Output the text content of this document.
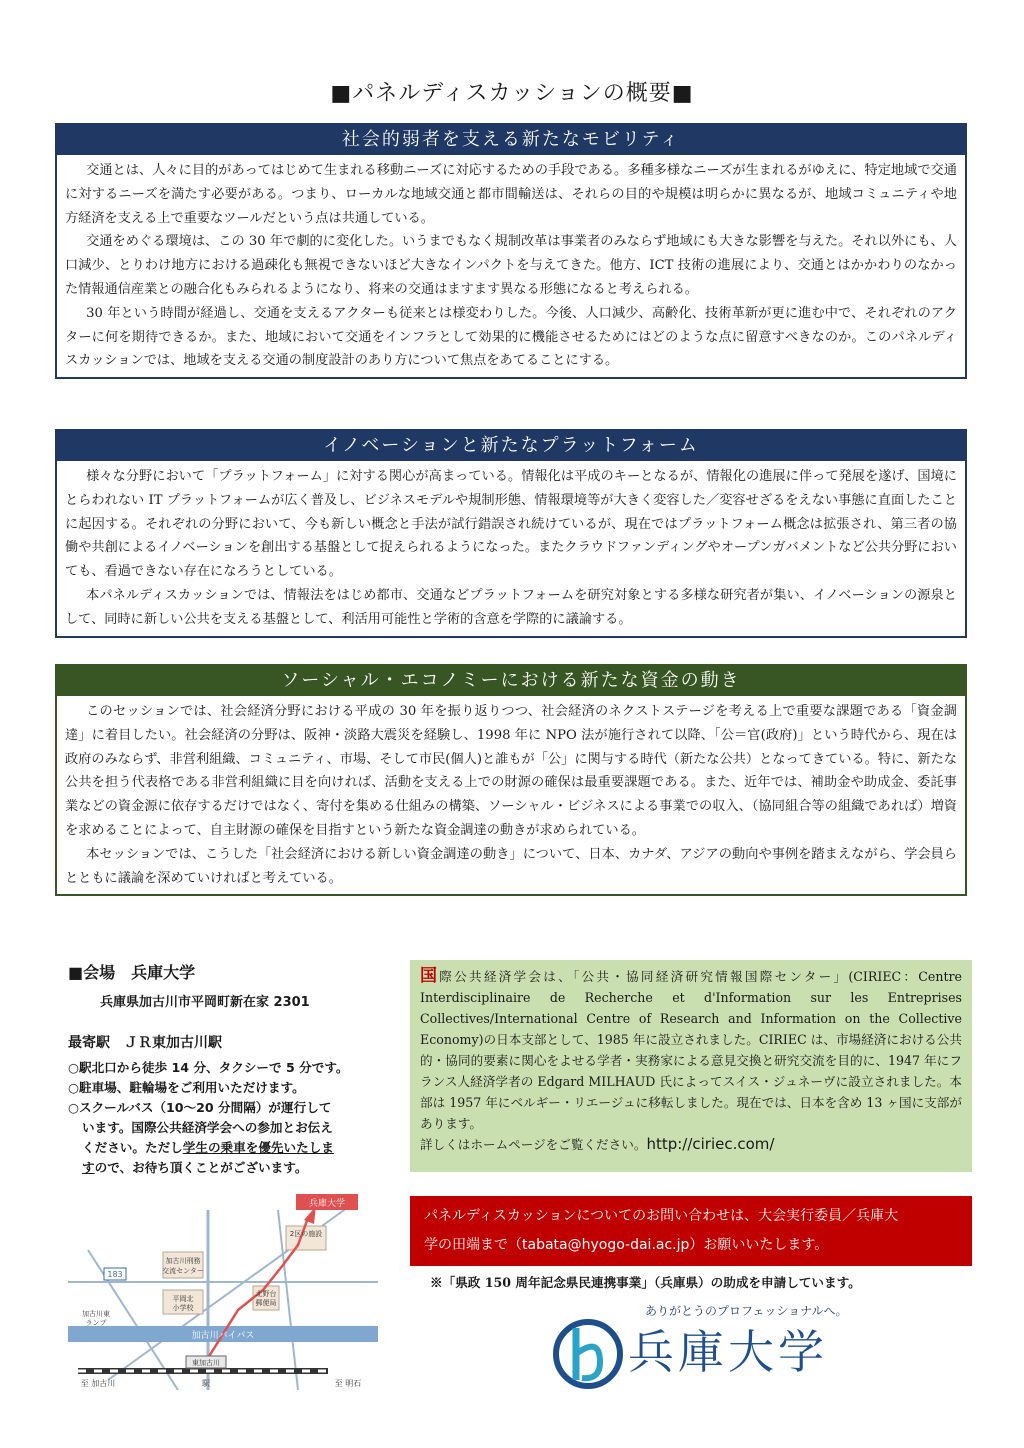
■パネルディスカッションの概要■
社会的弱者を支える新たなモビリティ

交通とは、人々に目的があってはじめて生まれる移動ニーズに対応するための手段である。多種多様なニーズが生まれるがゆえに、特定地域で交通に対するニーズを満たす必要がある。つまり、ローカルな地域交通と都市間輸送は、それらの目的や規模は明らかに異なるが、地域コミュニティや地方経済を支える上で重要なツールだという点は共通している。

交通をめぐる環境は、この 30 年で劇的に変化した。いうまでもなく規制改革は事業者のみならず地域にも大きな影響を与えた。それ以外にも、人口減少、とりわけ地方における過疎化も無視できないほど大きなインパクトを与えてきた。他方、ICT 技術の進展により、交通とはかかわりのなかった情報通信産業との融合化もみられるようになり、将来の交通はますます異なる形態になると考えられる。

30 年という時間が経過し、交通を支えるアクターも従来とは様変わりした。今後、人口減少、高齢化、技術革新が更に進む中で、それぞれのアクターに何を期待できるか。また、地域において交通をインフラとして効果的に機能させるためにはどのような点に留意すべきなのか。このパネルディスカッションでは、地域を支える交通の制度設計のあり方について焦点をあてることにする。

イノベーションと新たなプラットフォーム

様々な分野において「プラットフォーム」に対する関心が高まっている。情報化は平成のキーとなるが、情報化の進展に伴って発展を遂げ、国境にとらわれない IT プラットフォームが広く普及し、ビジネスモデルや規制形態、情報環境等が大きく変容した／変容せざるをえない事態に直面したことに起因する。それぞれの分野において、今も新しい概念と手法が試行錯誤され続けているが、現在ではプラットフォーム概念は拡張され、第三者の協働や共創によるイノベーションを創出する基盤として捉えられるようになった。またクラウドファンディングやオープンガバメントなど公共分野においても、看過できない存在になろうとしている。

本パネルディスカッションでは、情報法をはじめ都市、交通などプラットフォームを研究対象とする多様な研究者が集い、イノベーションの源泉として、同時に新しい公共を支える基盤として、利活用可能性と学術的含意を学際的に議論する。

ソーシャル・エコノミーにおける新たな資金の動き

このセッションでは、社会経済分野における平成の 30 年を振り返りつつ、社会経済のネクストステージを考える上で重要な課題である「資金調達」に着目したい。社会経済の分野は、阪神・淡路大震災を経験し、1998 年に NPO 法が施行されて以降、「公＝官(政府)」という時代から、現在は政府のみならず、非営利組織、コミュニティ、市場、そして市民(個人)と誰もが「公」に関与する時代（新たな公共）となってきている。特に、新たな公共を担う代表格である非営利組織に目を向ければ、活動を支える上での財源の確保は最重要課題である。また、近年では、補助金や助成金、委託事業などの資金源に依存するだけではなく、寄付を集める仕組みの構築、ソーシャル・ビジネスによる事業での収入、（協同組合等の組織であれば）増資を求めることによって、自主財源の確保を目指すという新たな資金調達の動きが求められている。

本セッションでは、こうした「社会経済における新しい資金調達の動き」について、日本、カナダ、アジアの動向や事例を踏まえながら、学会員らとともに議論を深めていければと考えている。

■会場　兵庫大学
兵庫県加古川市平岡町新在家 2301
最寄駅　ＪＲ東加古川駅
○駅北口から徒歩 14 分、タクシーで 5 分です。
○駐車場、駐輪場をご利用いただけます。
○スクールバス（10～20 分間隔）が運行して
います。国際公共経済学会への参加とお伝え
ください。ただし学生の乗車を優先いたしま
すので、お待ち頂くことがございます。
兵庫大学
2区の施設
加古川刑務
交流センター
平岡北
小学校
北野台
郵便局
加古川バイパス
加古川東
ランプ
東加古川
駅
至 加古川	至 明石
183

国際公共経済学会は、「公共・協同経済研究情報国際センター」(CIRIEC：Centre Interdisciplinaire de Recherche et d'Information sur les Entreprises Collectives/International Centre of Research and Information on the Collective Economy)の日本支部として、1985 年に設立されました。CIRIEC は、市場経済における公共的・協同的要素に関心をよせる学者・実務家による意見交換と研究交流を目的に、1947 年にフランス人経済学者の Edgard MILHAUD 氏によってスイス・ジュネーヴに設立されました。本部は 1957 年にベルギー・リエージュに移転しました。現在では、日本を含め 13 ヶ国に支部があります。

詳しくはホームページをご覧ください。http://ciriec.com/

パネルディスカッションについてのお問い合わせは、大会実行委員／兵庫大
学の田端まで（tabata@hyogo-dai.ac.jp）お願いいたします。
※「県政 150 周年記念県民連携事業」（兵庫県）の助成を申請しています。
ありがとうのプロフェッショナルへ。
兵庫大学
